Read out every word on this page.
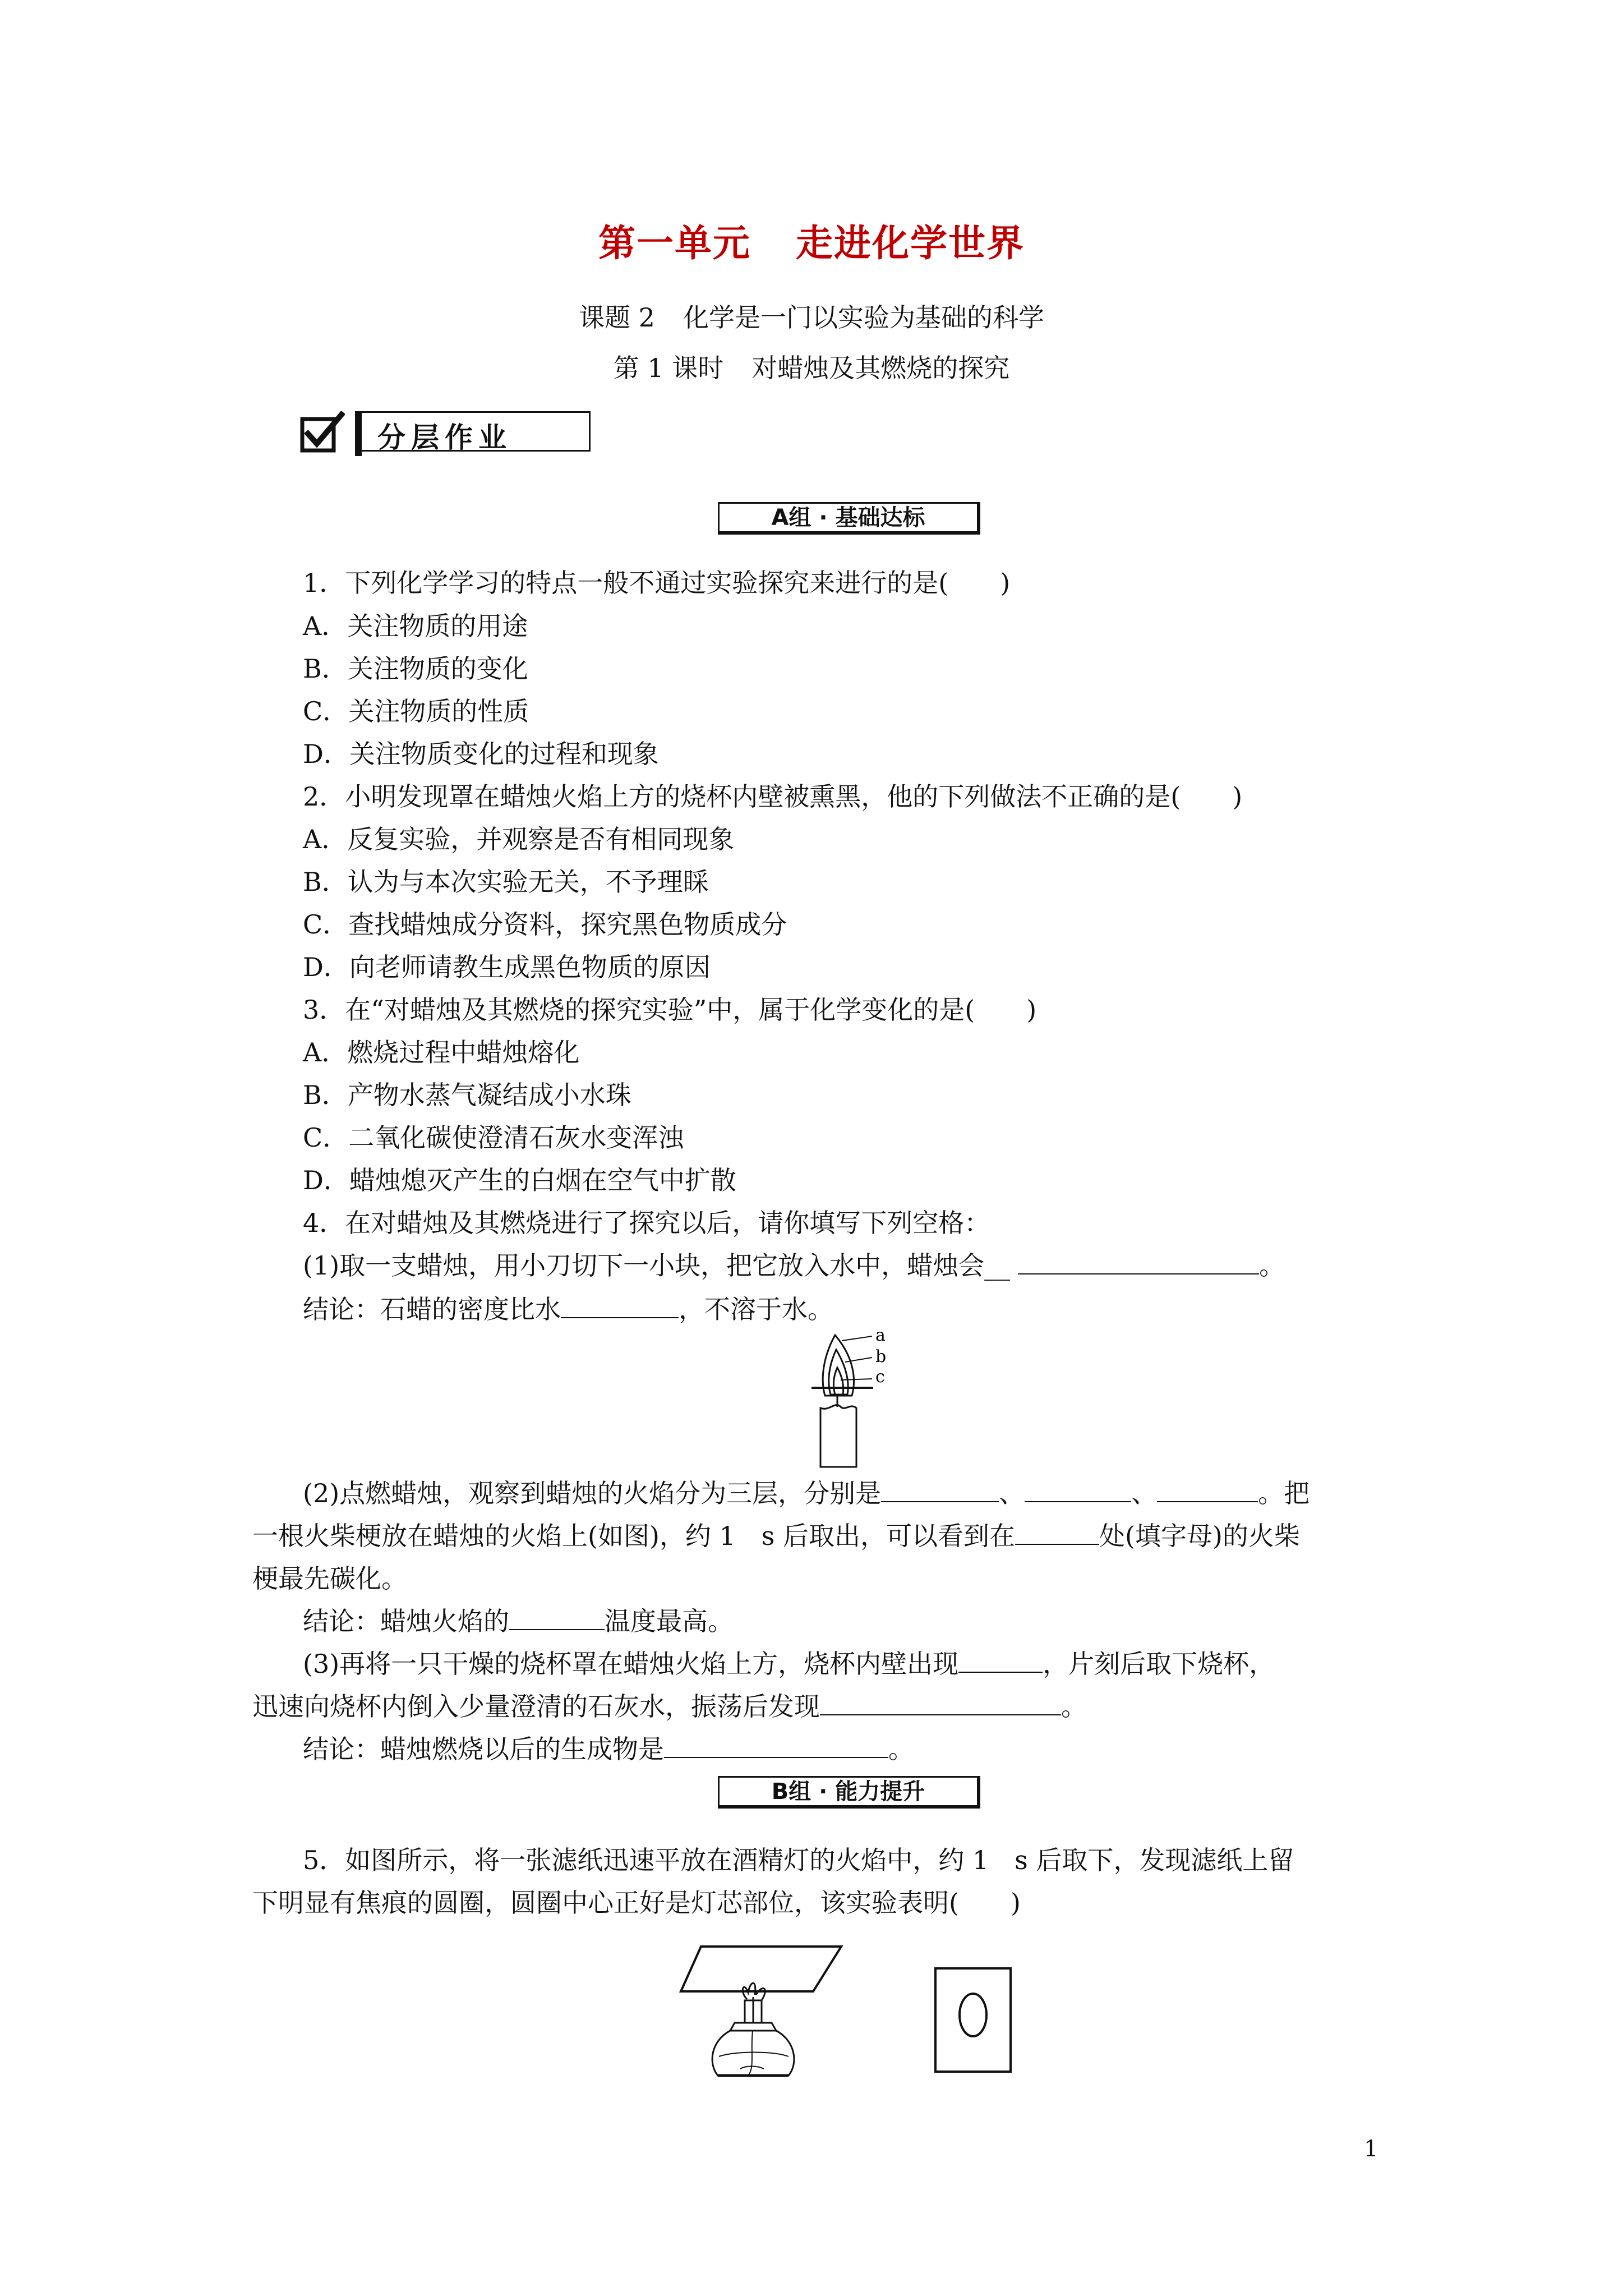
第一单元 走进化学世界
课题 2 化学是一门以实验为基础的科学
第 1 课时 对蜡烛及其燃烧的探究
分层作业
A组 · 基础达标
1．下列化学学习的特点一般不通过实验探究来进行的是(　　)
A．关注物质的用途
B．关注物质的变化
C．关注物质的性质
D．关注物质变化的过程和现象
2．小明发现罩在蜡烛火焰上方的烧杯内壁被熏黑，他的下列做法不正确的是(　　)
A．反复实验，并观察是否有相同现象
B．认为与本次实验无关，不予理睬
C．查找蜡烛成分资料，探究黑色物质成分
D．向老师请教生成黑色物质的原因
3．在“对蜡烛及其燃烧的探究实验”中，属于化学变化的是(　　)
A．燃烧过程中蜡烛熔化
B．产物水蒸气凝结成小水珠
C．二氧化碳使澄清石灰水变浑浊
D．蜡烛熄灭产生的白烟在空气中扩散
4．在对蜡烛及其燃烧进行了探究以后，请你填写下列空格：
(1)取一支蜡烛，用小刀切下一小块，把它放入水中，蜡烛会__	。
结论：石蜡的密度比水	，不溶于水。
a
b
c
(2)点燃蜡烛，观察到蜡烛的火焰分为三层，分别是	、	、	。把
一根火柴梗放在蜡烛的火焰上(如图)，约 1　s 后取出，可以看到在	处(填字母)的火柴
梗最先碳化。
结论：蜡烛火焰的	温度最高。
(3)再将一只干燥的烧杯罩在蜡烛火焰上方，烧杯内壁出现	，片刻后取下烧杯，
迅速向烧杯内倒入少量澄清的石灰水，振荡后发现	。
结论：蜡烛燃烧以后的生成物是	。
B组 · 能力提升
5．如图所示，将一张滤纸迅速平放在酒精灯的火焰中，约 1　s 后取下，发现滤纸上留
下明显有焦痕的圆圈，圆圈中心正好是灯芯部位，该实验表明(　　)
1
